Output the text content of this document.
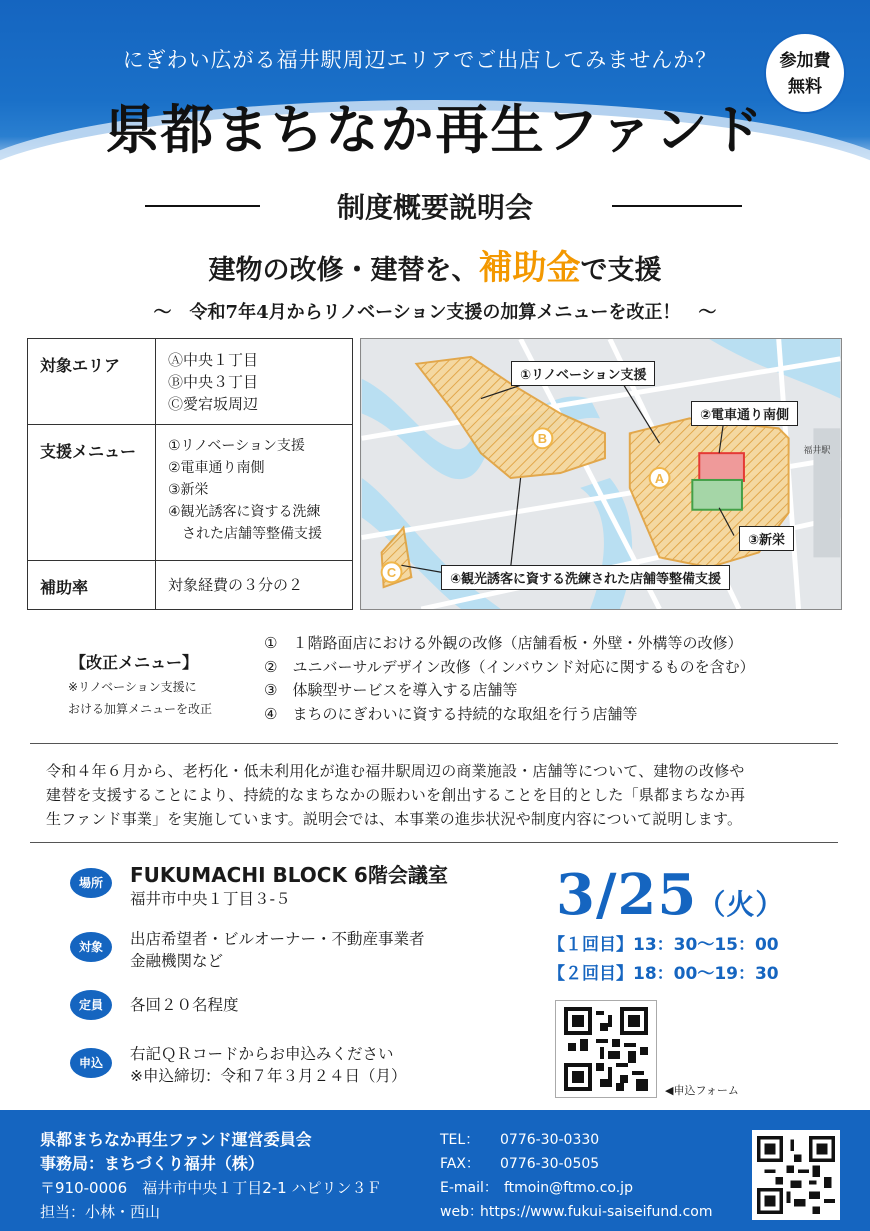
にぎわい広がる福井駅周辺エリアでご出店してみませんか？	参加費
無料
県都まちなか再生ファンド
制度概要説明会
建物の改修・建替を、補助金で支援
～　令和7年4月からリノベーション支援の加算メニューを改正！　～
対象エリア	Ⓐ中央１丁目
Ⓑ中央３丁目
Ⓒ愛宕坂周辺
支援メニュー	①リノベーション支援
②電車通り南側
③新栄
④観光誘客に資する洗練
　された店舗等整備支援
補助率	対象経費の３分の２
B
A
C
福井駅
①リノベーション支援
②電車通り南側
③新栄
④観光誘客に資する洗練された店舗等整備支援
【改正メニュー】
※リノベーション支援に
おける加算メニューを改正
①　１階路面店における外観の改修（店舗看板・外壁・外構等の改修）
②　ユニバーサルデザイン改修（インバウンド対応に関するものを含む）
③　体験型サービスを導入する店舗等
④　まちのにぎわいに資する持続的な取組を行う店舗等
令和４年６月から、老朽化・低未利用化が進む福井駅周辺の商業施設・店舗等について、建物の改修や
建替を支援することにより、持続的なまちなかの賑わいを創出することを目的とした「県都まちなか再
生ファンド事業」を実施しています。説明会では、本事業の進歩状況や制度内容について説明します。
場所	FUKUMACHI BLOCK 6階会議室
福井市中央１丁目３-５
対象	出店希望者・ビルオーナー・不動産事業者
金融機関など
定員	各回２０名程度
申込	右記ＱＲコードからお申込みください
※申込締切：令和７年３月２４日（月）
3/25（火）
【１回目】13：30～15：00
【２回目】18：00～19：30
◀申込フォーム
県都まちなか再生ファンド運営委員会
事務局：まちづくり福井（株）
〒910-0006　福井市中央１丁目2-1 ハピリン３Ｆ
担当：小林・西山
TEL：	0776-30-0330
FAX：	0776-30-0505
E-mail： ftmoin@ftmo.co.jp
web：
https://www.fukui-saiseifund.com
